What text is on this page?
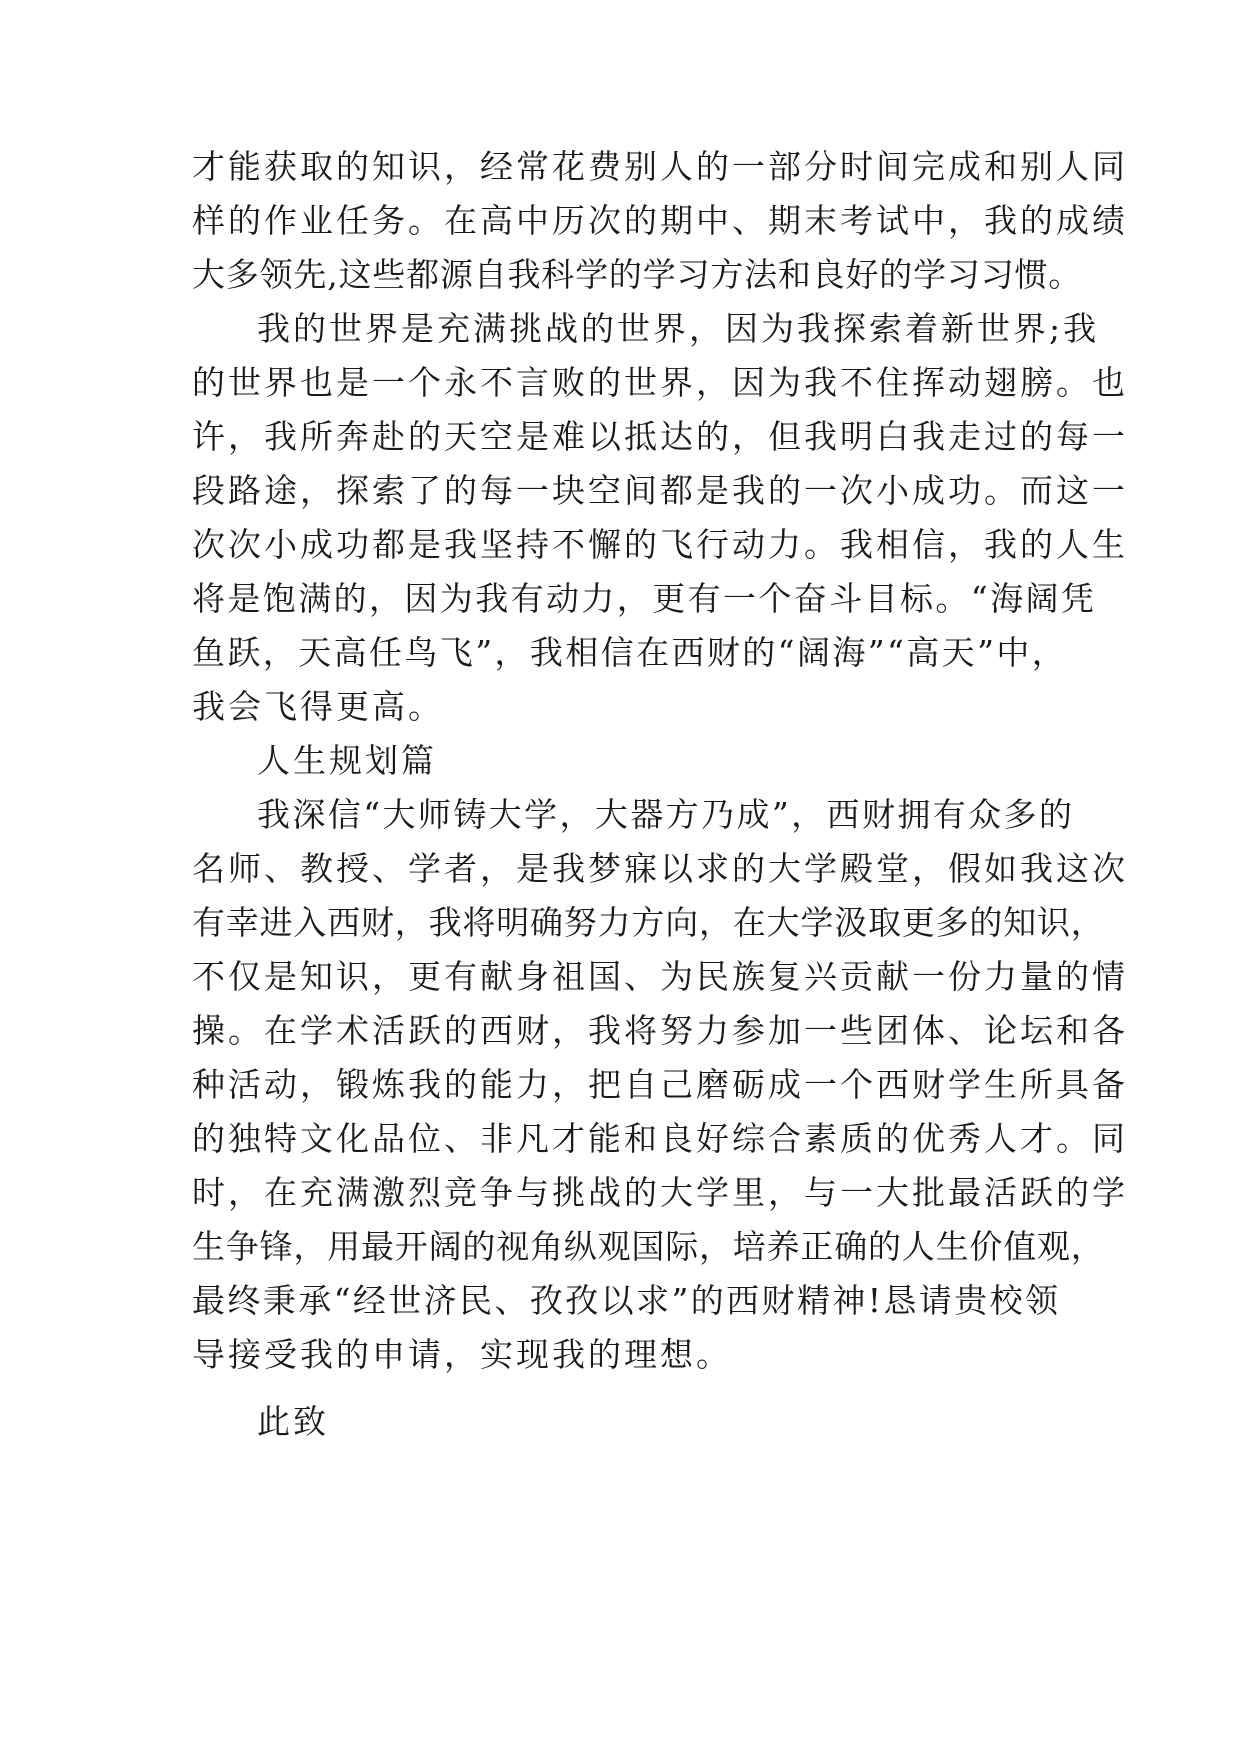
才能获取的知识，经常花费别人的一部分时间完成和别人同
样的作业任务。在高中历次的期中、期末考试中，我的成绩
大多领先,这些都源自我科学的学习方法和良好的学习习惯。
我的世界是充满挑战的世界，因为我探索着新世界;我
的世界也是一个永不言败的世界，因为我不住挥动翅膀。也
许，我所奔赴的天空是难以抵达的，但我明白我走过的每一
段路途，探索了的每一块空间都是我的一次小成功。而这一
次次小成功都是我坚持不懈的飞行动力。我相信，我的人生
将是饱满的，因为我有动力，更有一个奋斗目标。“海阔凭
鱼跃，天高任鸟飞”，我相信在西财的“阔海”“高天”中，
我会飞得更高。
人生规划篇
我深信“大师铸大学，大器方乃成”，西财拥有众多的
名师、教授、学者，是我梦寐以求的大学殿堂，假如我这次
有幸进入西财，我将明确努力方向，在大学汲取更多的知识，
不仅是知识，更有献身祖国、为民族复兴贡献一份力量的情
操。在学术活跃的西财，我将努力参加一些团体、论坛和各
种活动，锻炼我的能力，把自己磨砺成一个西财学生所具备
的独特文化品位、非凡才能和良好综合素质的优秀人才。同
时，在充满激烈竞争与挑战的大学里，与一大批最活跃的学
生争锋，用最开阔的视角纵观国际，培养正确的人生价值观，
最终秉承“经世济民、孜孜以求”的西财精神!恳请贵校领
导接受我的申请，实现我的理想。
此致
